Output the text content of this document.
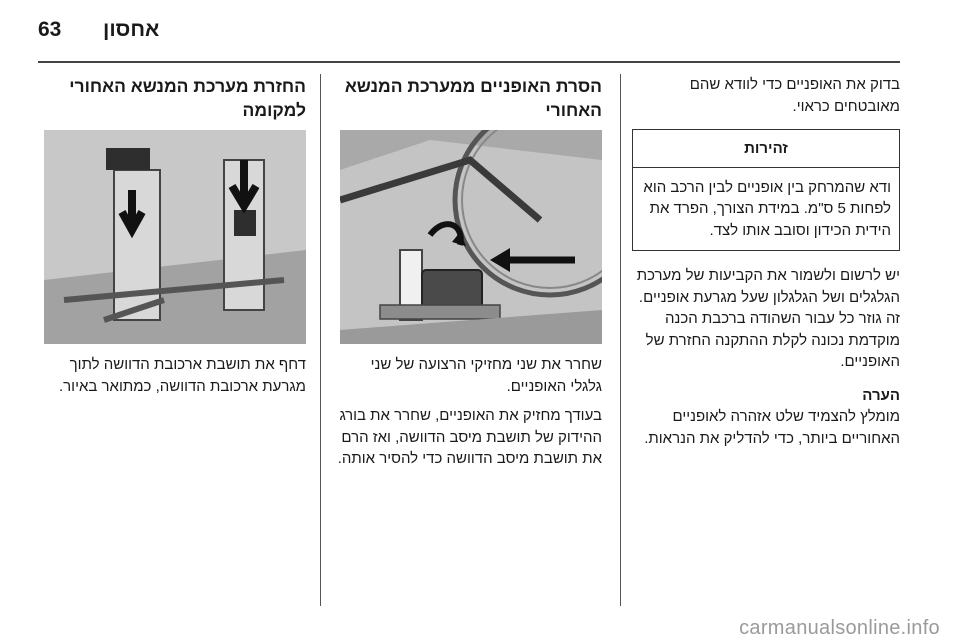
63 אחסון

בדוק את האופניים כדי לוודא שהם מאובטחים כראוי.

זהירות
ודא שהמרחק בין אופניים לבין הרכב הוא לפחות 5 ס"מ. במידת הצורך, הפרד את הידית הכידון וסובב אותו לצד.

יש לרשום ולשמור את הקביעות של מערכת הגלגלים ושל הגלגלון שעל מגרעת אופניים. זה גוזר כל עבור השהודה ברכבת הכנה מוקדמת נכונה לקלת ההתקנה החזרת של האופניים.

הערה

מומלץ להצמיד שלט אזהרה לאופניים האחוריים ביותר, כדי להדליק את הנראות.

הסרת האופניים ממערכת המנשא האחורי

שחרר את שני מחזיקי הרצועה של שני גלגלי האופניים.

בעודך מחזיק את האופניים, שחרר את בורג ההידוק של תושבת מיסב הדוושה, ואז הרם את תושבת מיסב הדוושה כדי להסיר אותה.

החזרת מערכת המנשא האחורי למקומה

דחף את תושבת ארכובת הדוושה לתוך מגרעת ארכובת הדוושה, כמתואר באיור.

carmanualsonline.info
